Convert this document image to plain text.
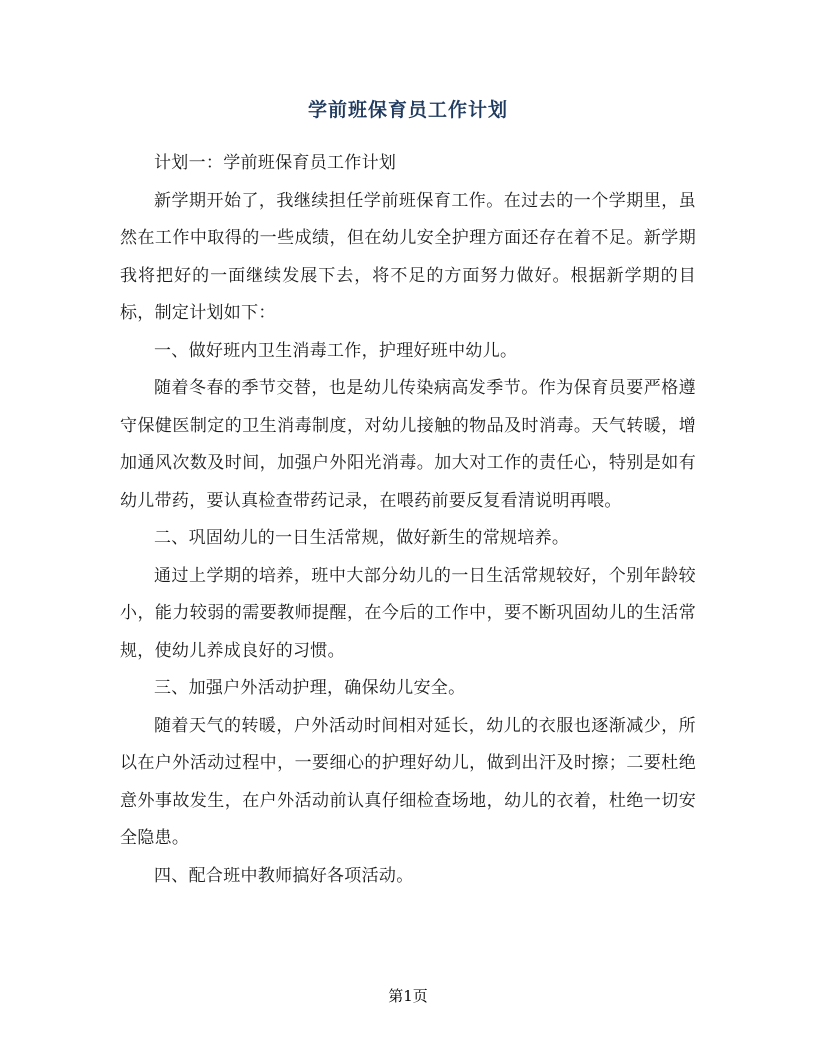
学前班保育员工作计划

计划一：学前班保育员工作计划

新学期开始了，我继续担任学前班保育工作。在过去的一个学期里，虽然在工作中取得的一些成绩，但在幼儿安全护理方面还存在着不足。新学期我将把好的一面继续发展下去，将不足的方面努力做好。根据新学期的目标，制定计划如下：

一、做好班内卫生消毒工作，护理好班中幼儿。

随着冬春的季节交替，也是幼儿传染病高发季节。作为保育员要严格遵守保健医制定的卫生消毒制度，对幼儿接触的物品及时消毒。天气转暖，增加通风次数及时间，加强户外阳光消毒。加大对工作的责任心，特别是如有幼儿带药，要认真检查带药记录，在喂药前要反复看清说明再喂。

二、巩固幼儿的一日生活常规，做好新生的常规培养。

通过上学期的培养，班中大部分幼儿的一日生活常规较好，个别年龄较小，能力较弱的需要教师提醒，在今后的工作中，要不断巩固幼儿的生活常规，使幼儿养成良好的习惯。

三、加强户外活动护理，确保幼儿安全。

随着天气的转暖，户外活动时间相对延长，幼儿的衣服也逐渐减少，所以在户外活动过程中，一要细心的护理好幼儿，做到出汗及时擦；二要杜绝意外事故发生，在户外活动前认真仔细检查场地，幼儿的衣着，杜绝一切安全隐患。

四、配合班中教师搞好各项活动。

第1页
